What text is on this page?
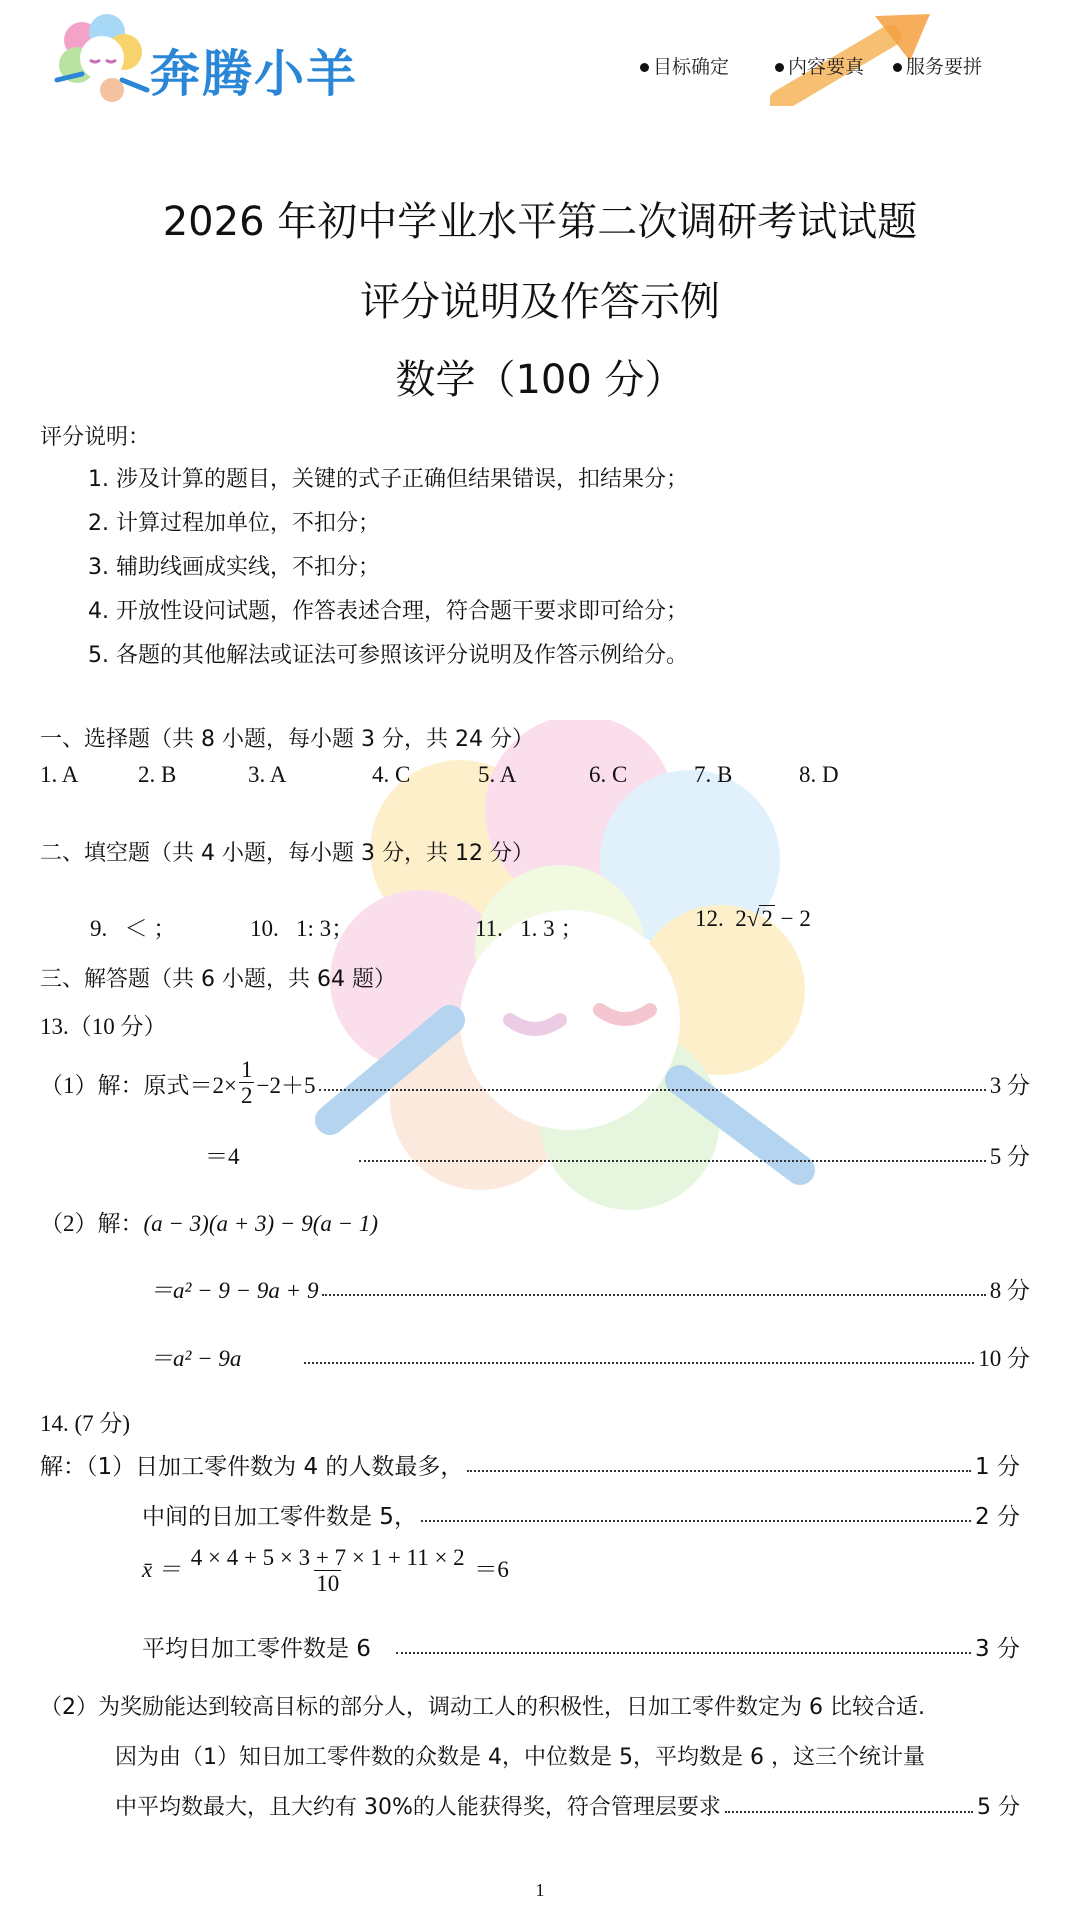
奔腾小羊	目标确定	内容要真	服务要拼
2026 年初中学业水平第二次调研考试试题
评分说明及作答示例
数学（100 分）
评分说明：
1. 涉及计算的题目，关键的式子正确但结果错误，扣结果分；
2. 计算过程加单位，不扣分；
3. 辅助线画成实线，不扣分；
4. 开放性设问试题，作答表述合理，符合题干要求即可给分；
5. 各题的其他解法或证法可参照该评分说明及作答示例给分。
一、选择题（共 8 小题，每小题 3 分，共 24 分）
1. A	2. B	3. A	4. C	5. A	6. C	7. B	8. D
二、填空题（共 4 小题，每小题 3 分，共 12 分）
9. ＜ ；	10. 1: 3；	11. 1. 3 ；	12. 2√2 − 2
三、解答题（共 6 小题，共 64 题）
13.（10 分）
（1）解：原式$=2\times \frac{1}{2} -2+5$	3 分
＝4	5 分
（2）解：(a − 3)(a + 3) − 9(a − 1)
＝a² − 9 − 9a + 9	8 分
＝a² − 9a	10 分
14. (7 分)
解：（1） 日加工零件数为 4 的人数最多，	1 分
中间的日加工零件数是 5，	2 分
x̄ ＝ $\frac{4 \times 4 + 5 \times 3 + 7 \times 1 + 11 \times 2}{10} =6$
平均日加工零件数是 6	3 分
（2）为奖励能达到较高目标的部分人，调动工人的积极性，日加工零件数定为 6 比较合适.
因为由（1）知日加工零件数的众数是 4，中位数是 5，平均数是 6 ，这三个统计量
中平均数最大，且大约有 30%的人能获得奖，符合管理层要求	5 分
1
